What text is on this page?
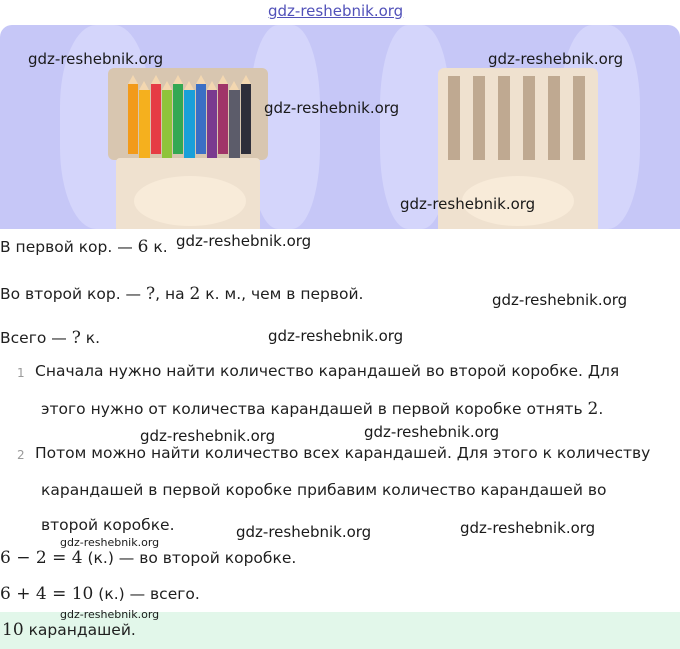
gdz-reshebnik.org
gdz-reshebnik.org	gdz-reshebnik.org
gdz-reshebnik.org
gdz-reshebnik.org
В первой кор. — 6 к.
Во второй кор. — ?, на 2 к. м., чем в первой.
Всего — ? к.
gdz-reshebnik.org
gdz-reshebnik.org
gdz-reshebnik.org
1 Сначала нужно найти количество карандашей во второй коробке. Для
этого нужно от количества карандашей в первой коробке отнять 2.
2 Потом можно найти количество всех карандашей. Для этого к количеству
карандашей в первой коробке прибавим количество карандашей во
второй коробке.
gdz-reshebnik.org	gdz-reshebnik.org
gdz-reshebnik.org	gdz-reshebnik.org
gdz-reshebnik.org
6 − 2 = 4 (к.) — во второй коробке.
6 + 4 = 10 (к.) — всего.
10 карандашей.
gdz-reshebnik.org
